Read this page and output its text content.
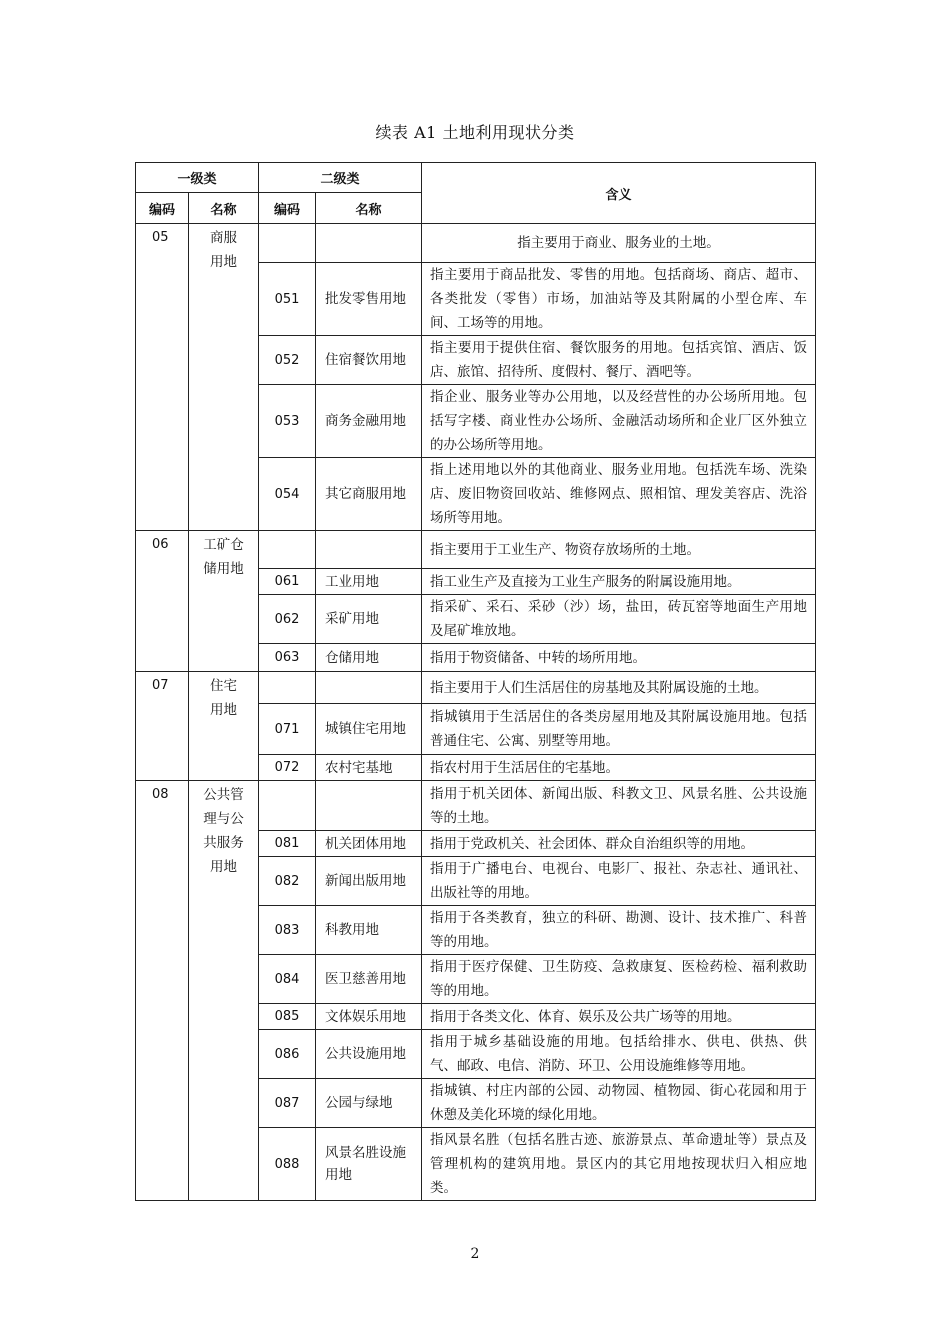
续表 A1 土地利用现状分类
一级类		二级类		含义
编码	名称	编码	名称	
05	商服用地			指主要用于商业、服务业的土地。
		051	批发零售用地	指主要用于商品批发、零售的用地。包括商场、商店、超市、各类批发（零售）市场，加油站等及其附属的小型仓库、车间、工场等的用地。
		052	住宿餐饮用地	指主要用于提供住宿、餐饮服务的用地。包括宾馆、酒店、饭店、旅馆、招待所、度假村、餐厅、酒吧等。
		053	商务金融用地	指企业、服务业等办公用地，以及经营性的办公场所用地。包括写字楼、商业性办公场所、金融活动场所和企业厂区外独立的办公场所等用地。
		054	其它商服用地	指上述用地以外的其他商业、服务业用地。包括洗车场、洗染店、废旧物资回收站、维修网点、照相馆、理发美容店、洗浴场所等用地。
06	工矿仓储用地			指主要用于工业生产、物资存放场所的土地。
		061	工业用地	指工业生产及直接为工业生产服务的附属设施用地。
		062	采矿用地	指采矿、采石、采砂（沙）场，盐田，砖瓦窑等地面生产用地及尾矿堆放地。
		063	仓储用地	指用于物资储备、中转的场所用地。
07	住宅用地			指主要用于人们生活居住的房基地及其附属设施的土地。
		071	城镇住宅用地	指城镇用于生活居住的各类房屋用地及其附属设施用地。包括普通住宅、公寓、别墅等用地。
		072	农村宅基地	指农村用于生活居住的宅基地。
08	公共管理与公共服务用地			指用于机关团体、新闻出版、科教文卫、风景名胜、公共设施等的土地。
		081	机关团体用地	指用于党政机关、社会团体、群众自治组织等的用地。
		082	新闻出版用地	指用于广播电台、电视台、电影厂、报社、杂志社、通讯社、出版社等的用地。
		083	科教用地	指用于各类教育，独立的科研、勘测、设计、技术推广、科普等的用地。
		084	医卫慈善用地	指用于医疗保健、卫生防疫、急救康复、医检药检、福利救助等的用地。
		085	文体娱乐用地	指用于各类文化、体育、娱乐及公共广场等的用地。
		086	公共设施用地	指用于城乡基础设施的用地。包括给排水、供电、供热、供气、邮政、电信、消防、环卫、公用设施维修等用地。
		087	公园与绿地	指城镇、村庄内部的公园、动物园、植物园、街心花园和用于休憩及美化环境的绿化用地。
		088	风景名胜设施用地	指风景名胜（包括名胜古迹、旅游景点、革命遗址等）景点及管理机构的建筑用地。景区内的其它用地按现状归入相应地类。
2
